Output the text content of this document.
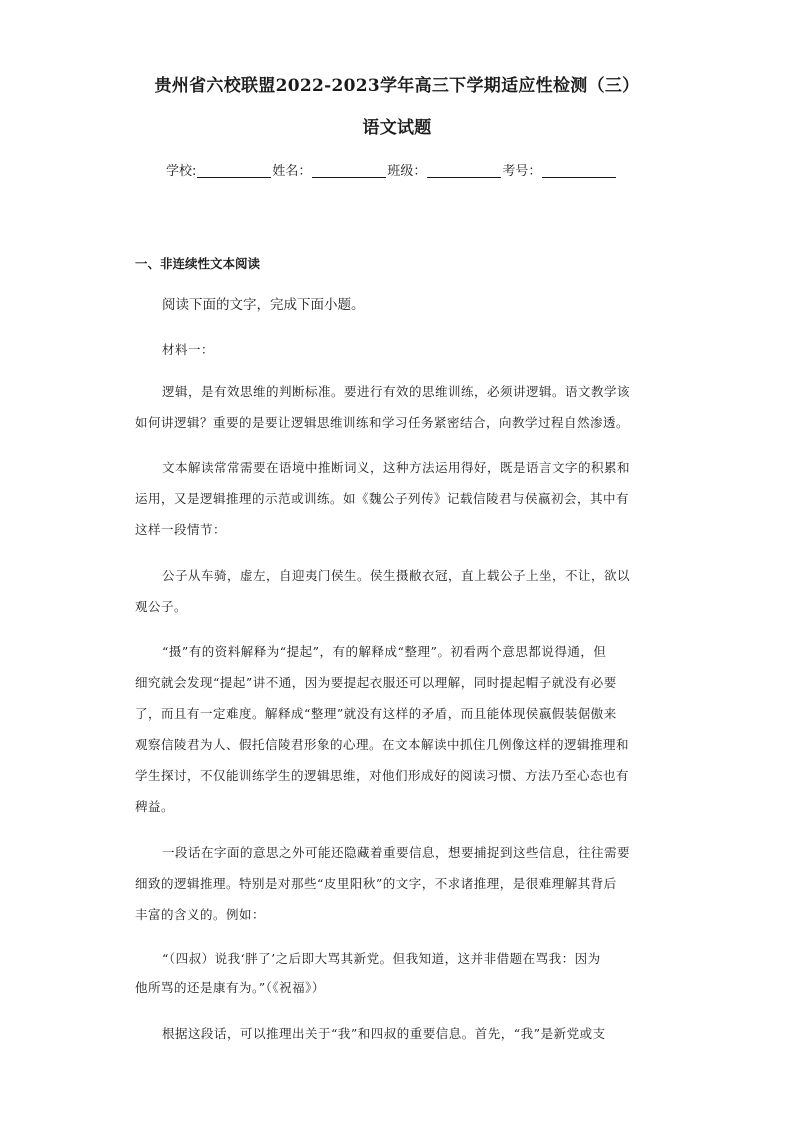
贵州省六校联盟2022-2023学年高三下学期适应性检测（三）
语文试题
学校:	姓名：	班级：	考号：
一、非连续性文本阅读
阅读下面的文字，完成下面小题。
材料一：
逻辑，是有效思维的判断标准。要进行有效的思维训练，必须讲逻辑。语文教学该
如何讲逻辑？重要的是要让逻辑思维训练和学习任务紧密结合，向教学过程自然渗透。
文本解读常常需要在语境中推断词义，这种方法运用得好，既是语言文字的积累和
运用，又是逻辑推理的示范或训练。如《魏公子列传》记载信陵君与侯嬴初会，其中有
这样一段情节：
公子从车骑，虚左，自迎夷门侯生。侯生摄敝衣冠，直上载公子上坐，不让，欲以
观公子。
“摄”有的资料解释为“提起”，有的解释成“整理”。初看两个意思都说得通，但
细究就会发现“提起”讲不通，因为要提起衣服还可以理解，同时提起帽子就没有必要
了，而且有一定难度。解释成“整理”就没有这样的矛盾，而且能体现侯嬴假装倨傲来
观察信陵君为人、假托信陵君形象的心理。在文本解读中抓住几例像这样的逻辑推理和
学生探讨，不仅能训练学生的逻辑思维，对他们形成好的阅读习惯、方法乃至心态也有
稗益。
一段话在字面的意思之外可能还隐藏着重要信息，想要捕捉到这些信息，往往需要
细致的逻辑推理。特别是对那些“皮里阳秋”的文字，不求诸推理，是很难理解其背后
丰富的含义的。例如：
“（四叔）说我‘胖了’之后即大骂其新党。但我知道，这并非借题在骂我：因为
他所骂的还是康有为。”（《祝福》）
根据这段话，可以推理出关于“我”和四叔的重要信息。首先，“我”是新党或支
